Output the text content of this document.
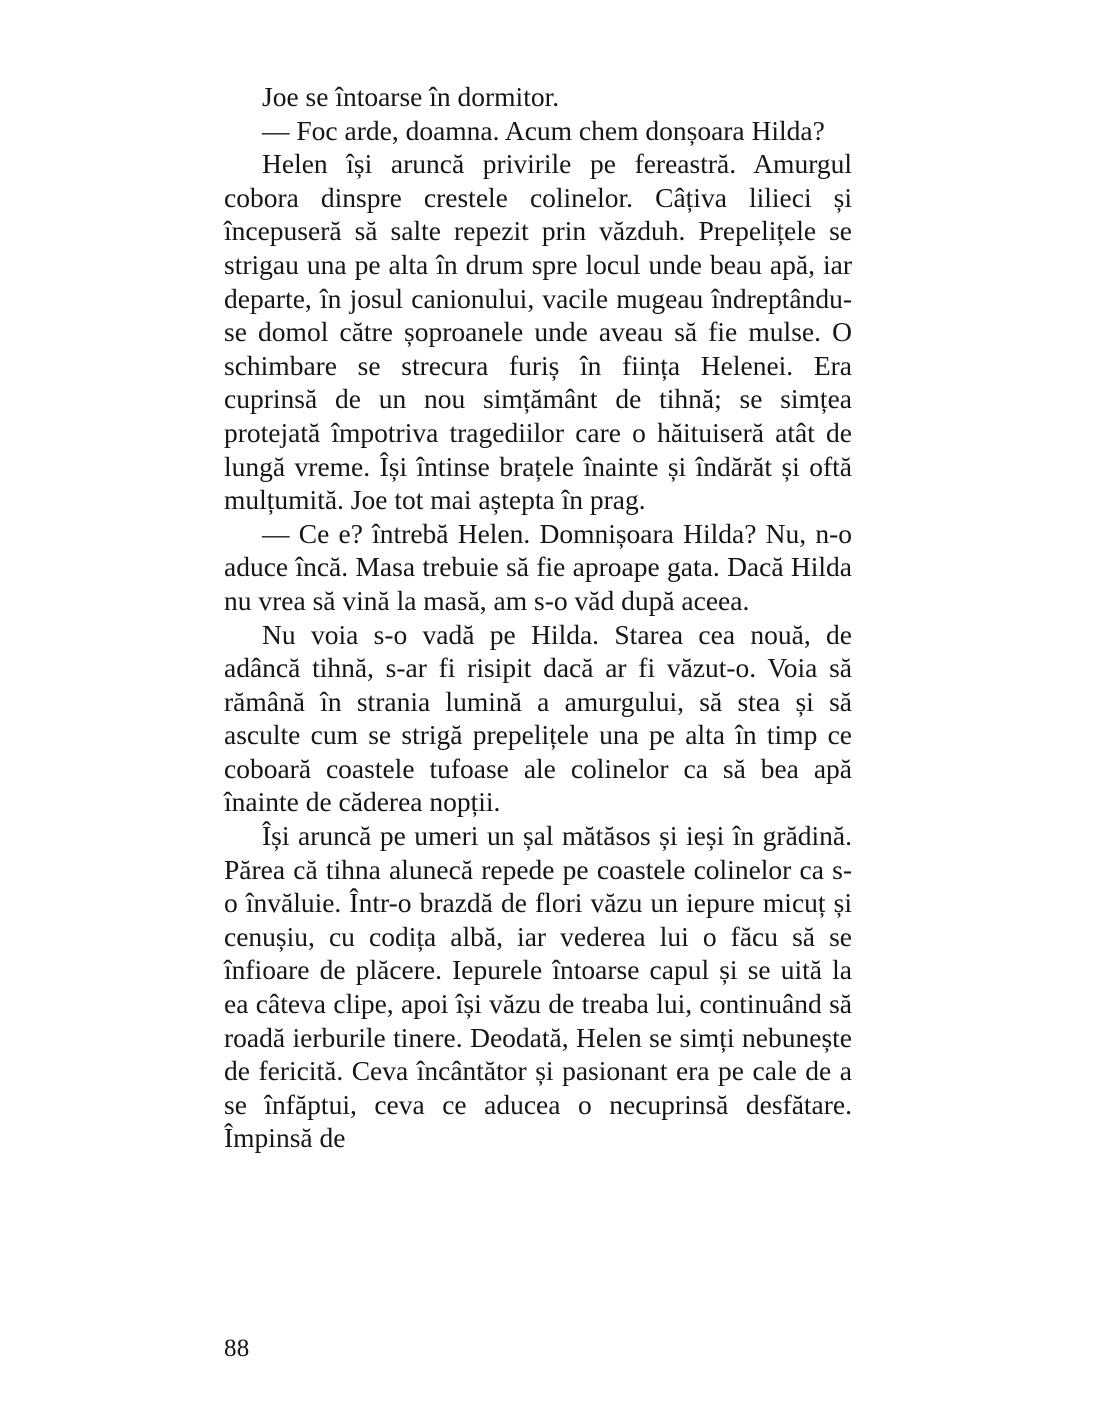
Joe se întoarse în dormitor.

— Foc arde, doamna. Acum chem donșoara Hilda?

Helen își aruncă privirile pe fereastră. Amurgul cobora dinspre crestele colinelor. Câțiva lilieci și începuseră să salte repezit prin văzduh. Prepelițele se strigau una pe alta în drum spre locul unde beau apă, iar departe, în josul canionului, vacile mugeau îndreptându-se domol către șoproanele unde aveau să fie mulse. O schimbare se strecura furiș în ființa Helenei. Era cuprinsă de un nou simțământ de tihnă; se simțea protejată împotriva tragediilor care o hăituiseră atât de lungă vreme. Își întinse brațele înainte și îndărăt și oftă mulțumită. Joe tot mai aștepta în prag.

— Ce e? întrebă Helen. Domnișoara Hilda? Nu, n-o aduce încă. Masa trebuie să fie aproape gata. Dacă Hilda nu vrea să vină la masă, am s-o văd după aceea.

Nu voia s-o vadă pe Hilda. Starea cea nouă, de adâncă tihnă, s-ar fi risipit dacă ar fi văzut-o. Voia să rămână în strania lumină a amurgului, să stea și să asculte cum se strigă prepelițele una pe alta în timp ce coboară coastele tufoase ale colinelor ca să bea apă înainte de căderea nopții.

Își aruncă pe umeri un șal mătăsos și ieși în grădină. Părea că tihna alunecă repede pe coastele colinelor ca s-o învăluie. Într-o brazdă de flori văzu un iepure micuț și cenușiu, cu codița albă, iar vederea lui o făcu să se înfioare de plăcere. Iepurele întoarse capul și se uită la ea câteva clipe, apoi își văzu de treaba lui, continuând să roadă ierburile tinere. Deodată, Helen se simți nebunește de fericită. Ceva încântător și pasionant era pe cale de a se înfăptui, ceva ce aducea o necuprinsă desfătare. Împinsă de

88
